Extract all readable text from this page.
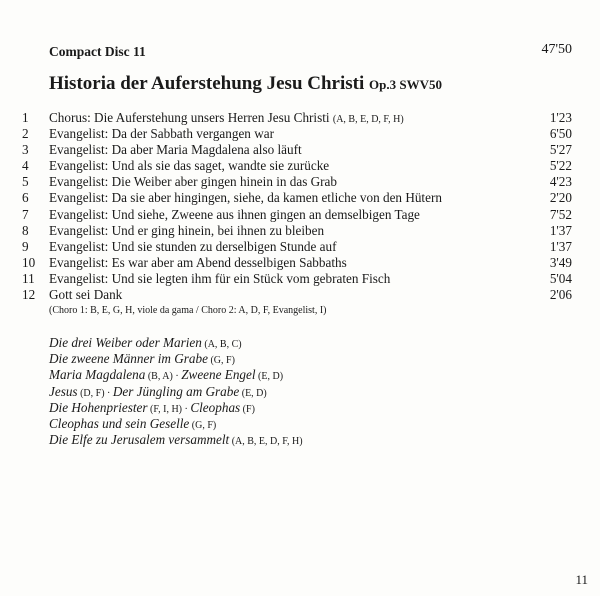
Compact Disc 11	47'50
Historia der Auferstehung Jesu Christi Op.3 SWV50
1 Chorus: Die Auferstehung unsers Herren Jesu Christi (A, B, E, D, F, H)	1'23
2 Evangelist: Da der Sabbath vergangen war	6'50
3 Evangelist: Da aber Maria Magdalena also läuft	5'27
4 Evangelist: Und als sie das saget, wandte sie zurücke	5'22
5 Evangelist: Die Weiber aber gingen hinein in das Grab	4'23
6 Evangelist: Da sie aber hingingen, siehe, da kamen etliche von den Hütern	2'20
7 Evangelist: Und siehe, Zweene aus ihnen gingen an demselbigen Tage	7'52
8 Evangelist: Und er ging hinein, bei ihnen zu bleiben	1'37
9 Evangelist: Und sie stunden zu derselbigen Stunde auf	1'37
10 Evangelist: Es war aber am Abend desselbigen Sabbaths	3'49
11 Evangelist: Und sie legten ihm für ein Stück vom gebraten Fisch	5'04
12 Gott sei Dank	2'06
(Choro 1: B, E, G, H, viole da gama / Choro 2: A, D, F, Evangelist, I)
Die drei Weiber oder Marien (A, B, C)
Die zweene Männer im Grabe (G, F)
Maria Magdalena (B, A) · Zweene Engel (E, D)
Jesus (D, F) · Der Jüngling am Grabe (E, D)
Die Hohenpriester (F, I, H) · Cleophas (F)
Cleophas und sein Geselle (G, F)
Die Elfe zu Jerusalem versammelt (A, B, E, D, F, H)
11
